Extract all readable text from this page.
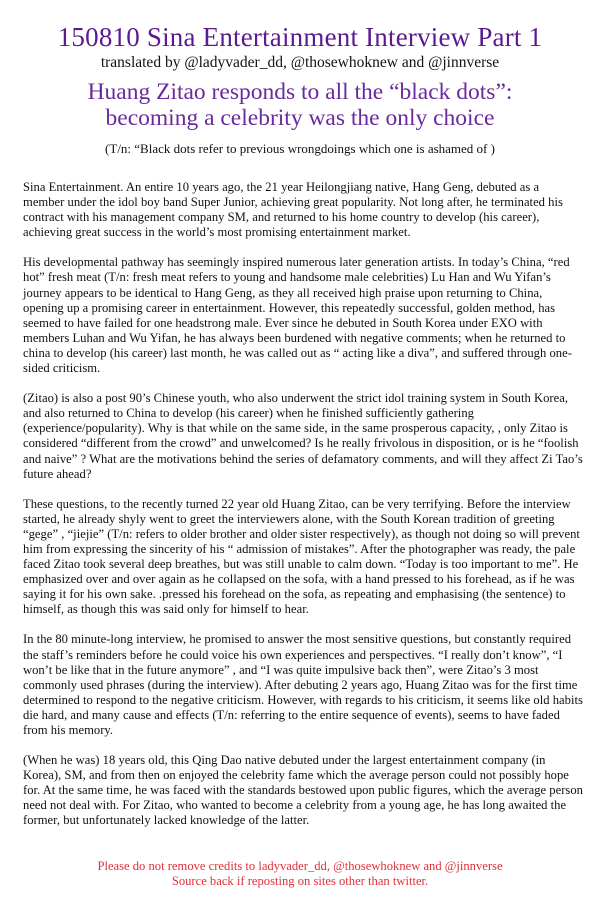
150810 Sina Entertainment Interview Part 1
translated by @ladyvader_dd, @thosewhoknew and @jinnverse
Huang Zitao responds to all the “black dots”:
becoming a celebrity was the only choice
(T/n: “Black dots refer to previous wrongdoings which one is ashamed of )

Sina Entertainment. An entire 10 years ago, the 21 year Heilongjiang native, Hang Geng, debuted as a member under the idol boy band Super Junior, achieving great popularity. Not long after, he terminated his contract with his management company SM, and returned to his home country to develop (his career), achieving great success in the world’s most promising entertainment market.

His developmental pathway has seemingly inspired numerous later generation artists. In today’s China, “red hot” fresh meat (T/n: fresh meat refers to young and handsome male celebrities) Lu Han and Wu Yifan’s journey appears to be identical to Hang Geng, as they all received high praise upon returning to China, opening up a promising career in entertainment. However, this repeatedly successful, golden method, has seemed to have failed for one headstrong male. Ever since he debuted in South Korea under EXO with members Luhan and Wu Yifan, he has always been burdened with negative comments; when he returned to china to develop (his career) last month, he was called out as “ acting like a diva”, and suffered through one-sided criticism.

(Zitao) is also a post 90’s Chinese youth, who also underwent the strict idol training system in South Korea, and also returned to China to develop (his career) when he finished sufficiently gathering (experience/popularity). Why is that while on the same side, in the same prosperous capacity, , only Zitao is considered “different from the crowd” and unwelcomed? Is he really frivolous in disposition, or is he “foolish and naive” ? What are the motivations behind the series of defamatory comments, and will they affect Zi Tao’s future ahead?

These questions, to the recently turned 22 year old Huang Zitao, can be very terrifying. Before the interview started, he already shyly went to greet the interviewers alone, with the South Korean tradition of greeting “gege” , “jiejie” (T/n: refers to older brother and older sister respectively), as though not doing so will prevent him from expressing the sincerity of his “ admission of mistakes”. After the photographer was ready, the pale faced Zitao took several deep breathes, but was still unable to calm down. “Today is too important to me”. He emphasized over and over again as he collapsed on the sofa, with a hand pressed to his forehead, as if he was saying it for his own sake. .pressed his forehead on the sofa, as repeating and emphasising (the sentence) to himself, as though this was said only for himself to hear.

In the 80 minute-long interview, he promised to answer the most sensitive questions, but constantly required the staff’s reminders before he could voice his own experiences and perspectives. “I really don’t know”, “I won’t be like that in the future anymore” , and “I was quite impulsive back then”, were Zitao’s 3 most commonly used phrases (during the interview). After debuting 2 years ago, Huang Zitao was for the first time determined to respond to the negative criticism. However, with regards to his criticism, it seems like old habits die hard, and many cause and effects (T/n: referring to the entire sequence of events), seems to have faded from his memory.

(When he was) 18 years old, this Qing Dao native debuted under the largest entertainment company (in Korea), SM, and from then on enjoyed the celebrity fame which the average person could not possibly hope for. At the same time, he was faced with the standards bestowed upon public figures, which the average person need not deal with. For Zitao, who wanted to become a celebrity from a young age, he has long awaited the former, but unfortunately lacked knowledge of the latter.

Please do not remove credits to ladyvader_dd, @thosewhoknew and @jinnverse
Source back if reposting on sites other than twitter.
